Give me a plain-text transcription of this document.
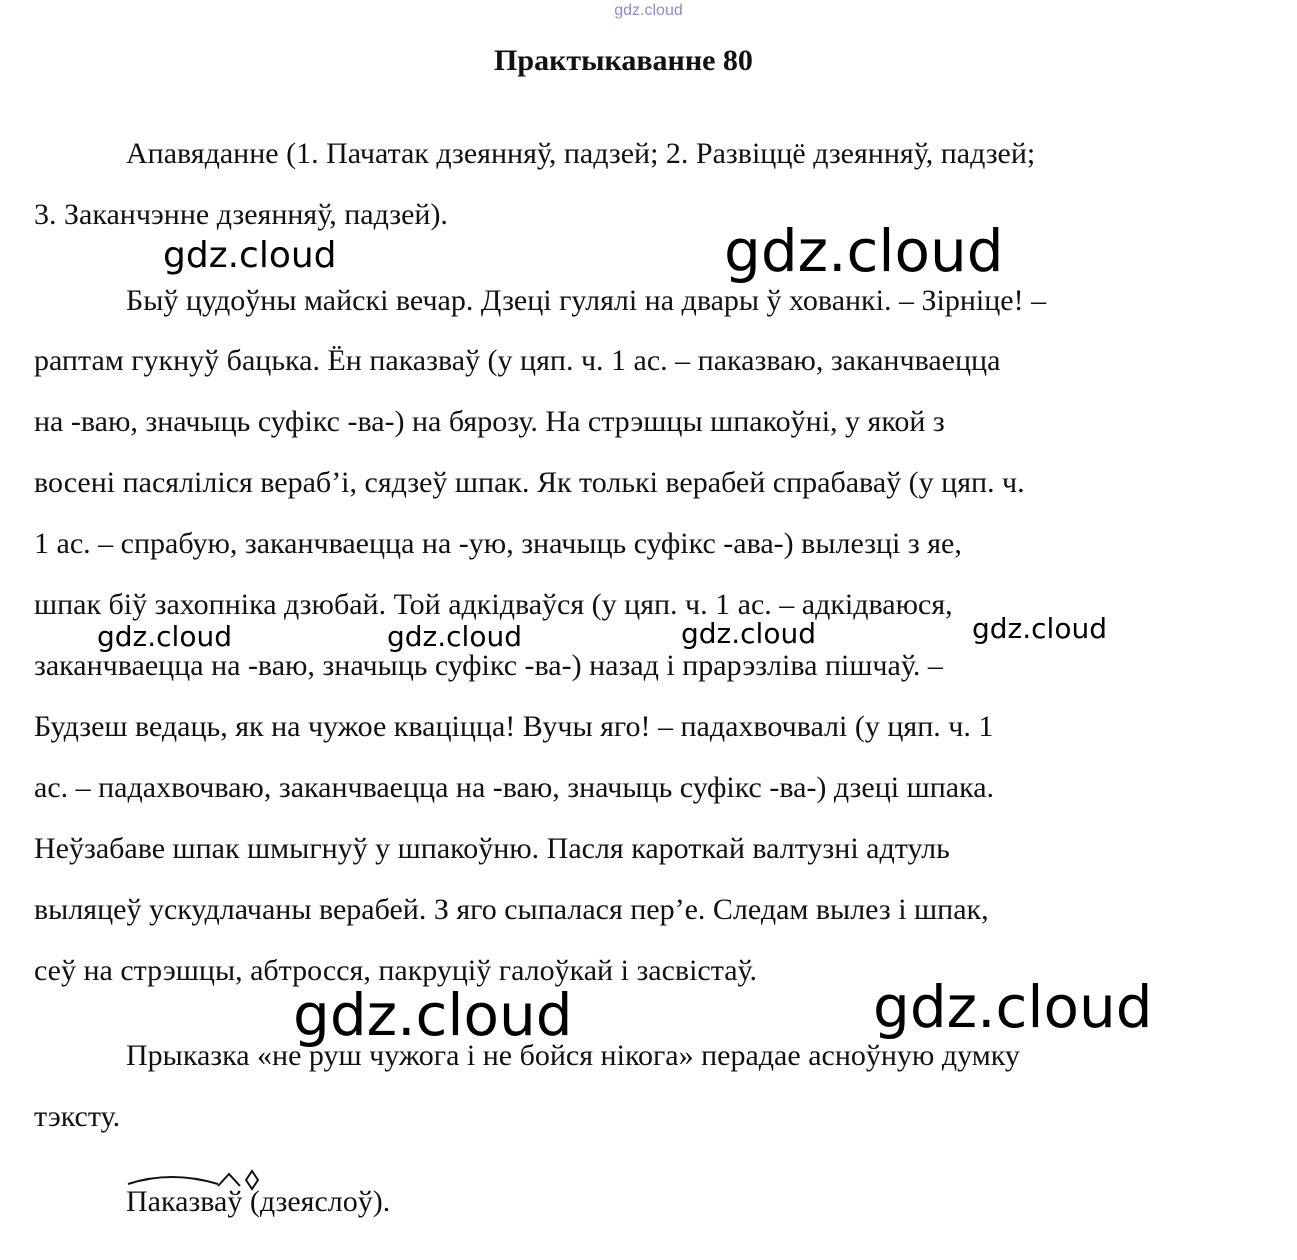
gdz.cloud
Практыкаванне 80
Апавяданне (1. Пачатак дзеянняў, падзей; 2. Развіццё дзеянняў, падзей;
3. Заканчэнне дзеянняў, падзей).
Быў цудоўны майскі вечар. Дзеці гулялі на двары ў хованкі. – Зірніце! –
раптам гукнуў бацька. Ён паказваў (у цяп. ч. 1 ас. – паказваю, заканчваецца
на -ваю, значыць суфікс -ва-) на бярозу. На стрэшцы шпакоўні, у якой з
восені пасяліліся вераб’і, сядзеў шпак. Як толькі верабей спрабаваў (у цяп. ч.
1 ас. – спрабую, заканчваецца на -ую, значыць суфікс -ава-) вылезці з яе,
шпак біў захопніка дзюбай. Той адкідваўся (у цяп. ч. 1 ас. – адкідваюся,
заканчваецца на -ваю, значыць суфікс -ва-) назад і прарэзліва пішчаў. –
Будзеш ведаць, як на чужое кваціцца! Вучы яго! – падахвочвалі (у цяп. ч. 1
ас. – падахвочваю, заканчваецца на -ваю, значыць суфікс -ва-) дзеці шпака.
Неўзабаве шпак шмыгнуў у шпакоўню. Пасля кароткай валтузні адтуль
выляцеў ускудлачаны верабей. З яго сыпалася пер’е. Следам вылез і шпак,
сеў на стрэшцы, абтросся, пакруціў галоўкай і засвістаў.
Прыказка «не руш чужога і не бойся нікога» перадае асноўную думку
тэксту.
Паказваў (дзеяслоў).
gdz.cloud	gdz.cloud
gdz.cloud	gdz.cloud	gdz.cloud	gdz.cloud
gdz.cloud	gdz.cloud
